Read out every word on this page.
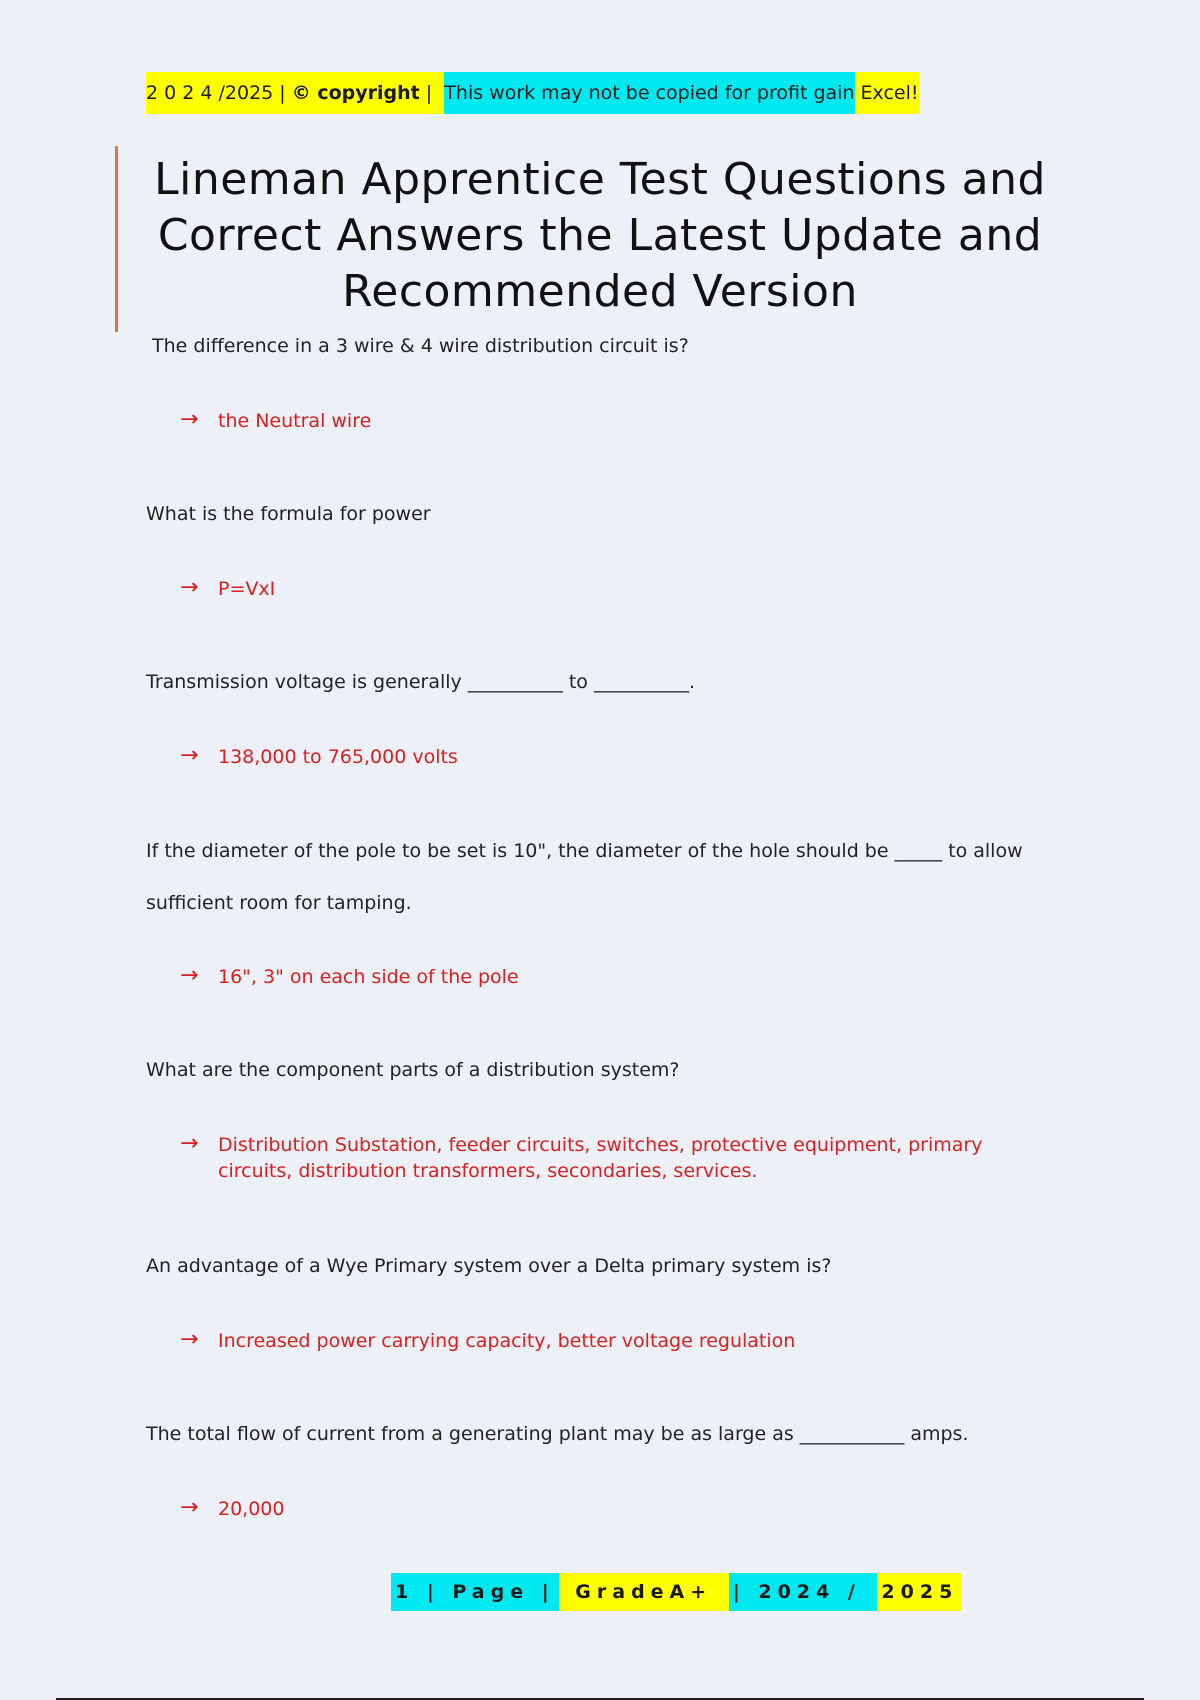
2 0 2 4 /2025 | © copyright | This work may not be copied for profit gain Excel!
Lineman Apprentice Test Questions and Correct Answers the Latest Update and Recommended Version
The difference in a 3 wire & 4 wire distribution circuit is?
→	the Neutral wire
What is the formula for power
→	P=VxI
Transmission voltage is generally __________ to __________.
→	138,000 to 765,000 volts
If the diameter of the pole to be set is 10", the diameter of the hole should be _____ to allow sufficient room for tamping.
→	16", 3" on each side of the pole
What are the component parts of a distribution system?
→	Distribution Substation, feeder circuits, switches, protective equipment, primary circuits, distribution transformers, secondaries, services.
An advantage of a Wye Primary system over a Delta primary system is?
→	Increased power carrying capacity, better voltage regulation
The total flow of current from a generating plant may be as large as ___________ amps.
→	20,000
1 | Page | GradeA+ | 2024 / 2025
